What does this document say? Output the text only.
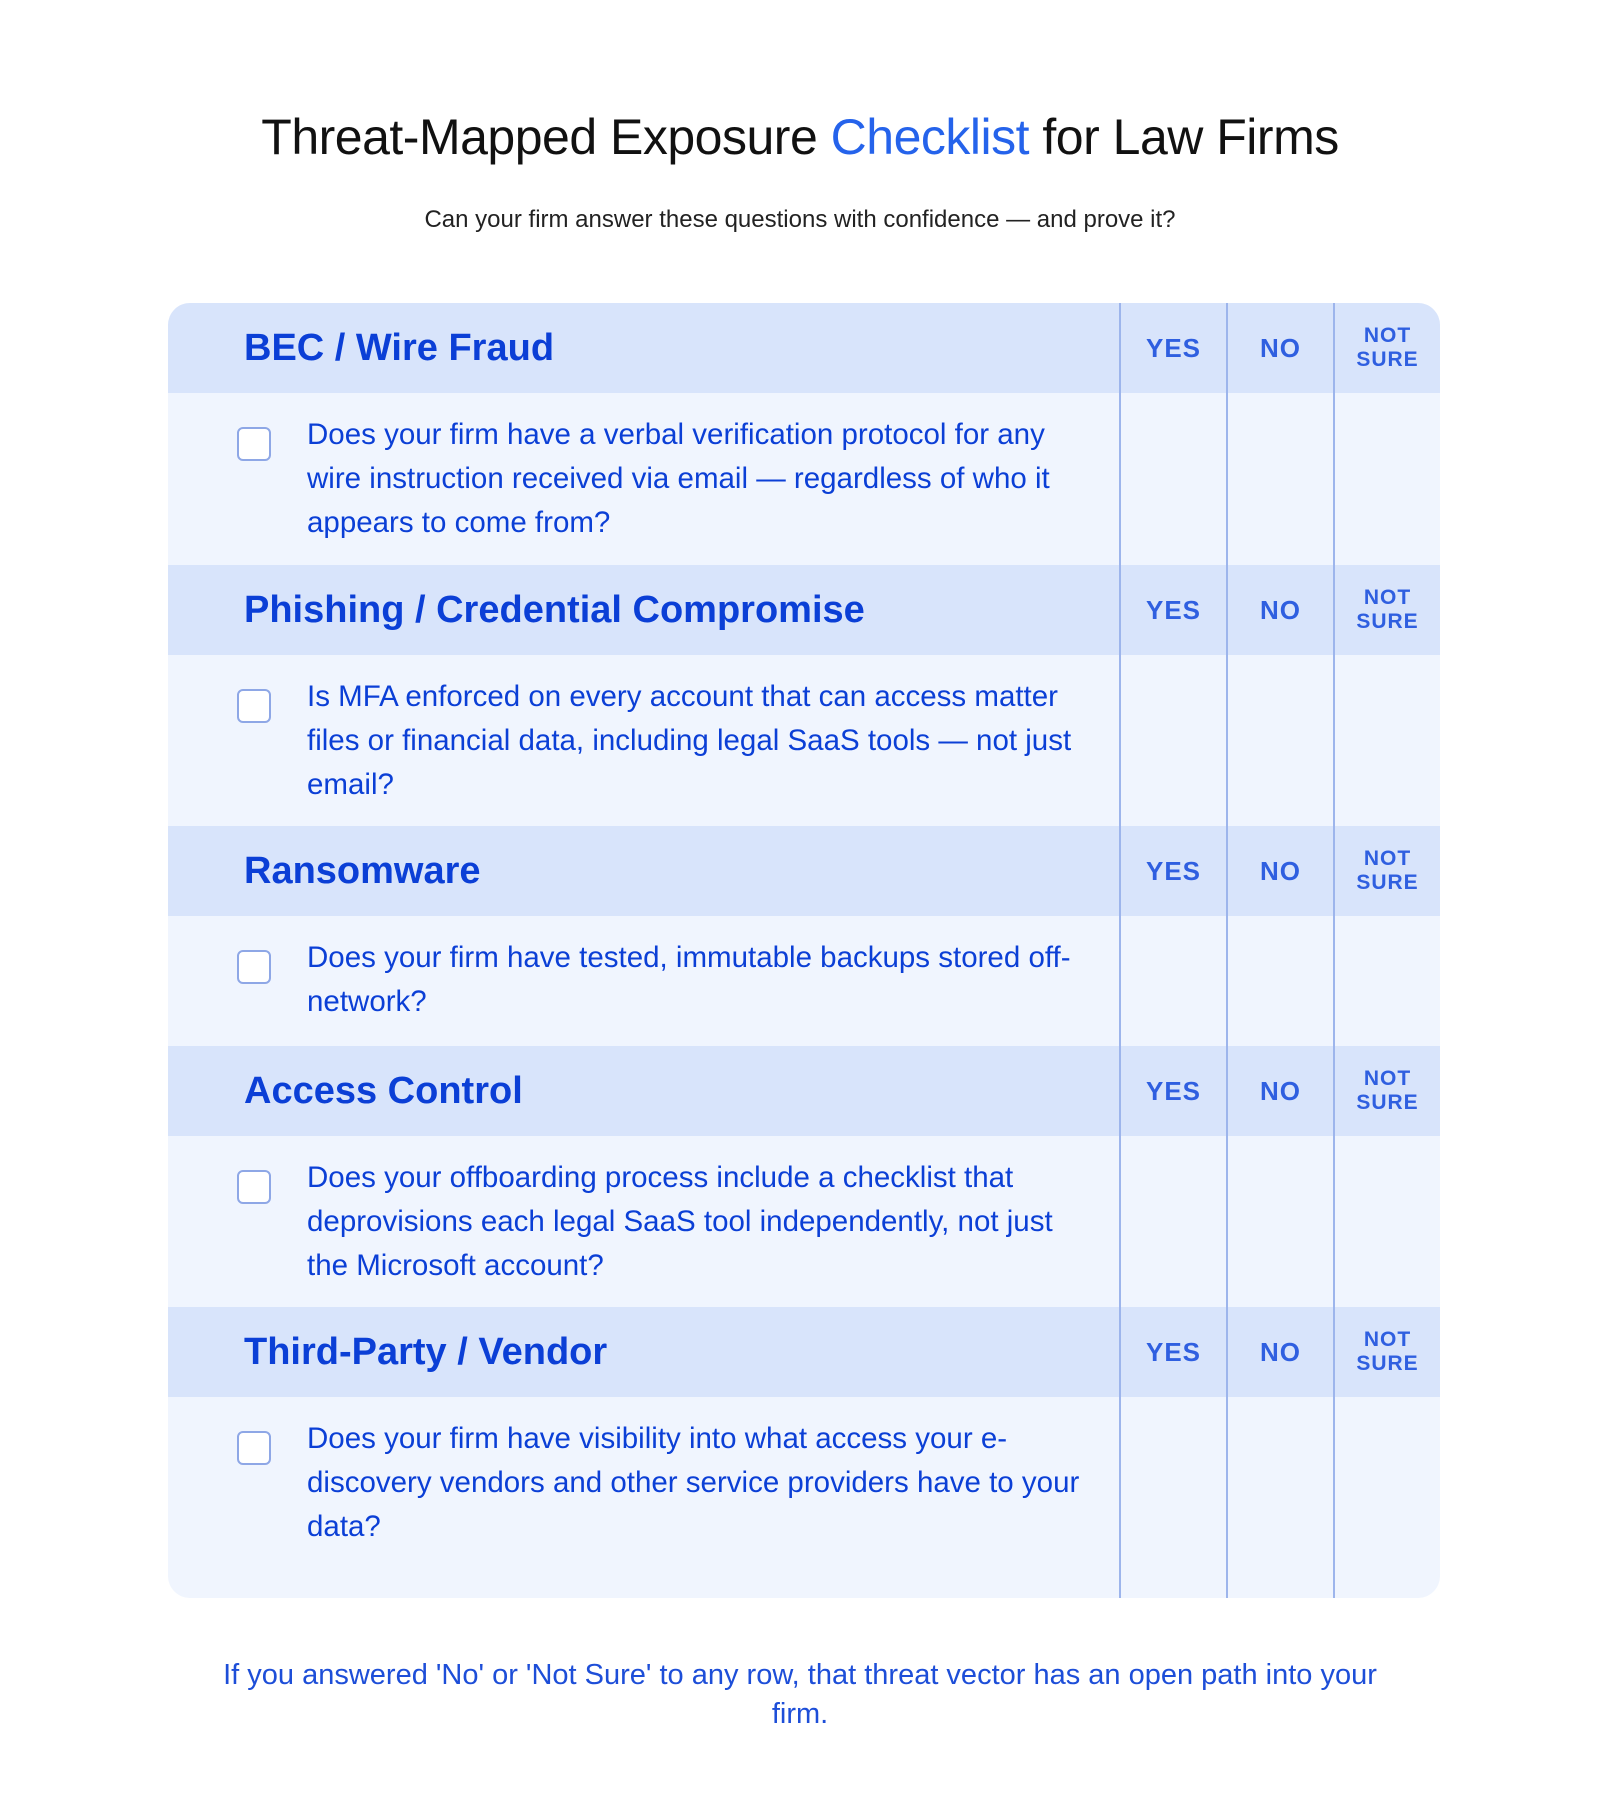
Threat-Mapped Exposure Checklist for Law Firms

Can your firm answer these questions with confidence — and prove it?

BEC / Wire Fraud	YES	NO	NOT
SURE
Does your firm have a verbal verification protocol for any wire instruction received via email — regardless of who it appears to come from?
Phishing / Credential Compromise	YES	NO	NOT
SURE
Is MFA enforced on every account that can access matter files or financial data, including legal SaaS tools — not just email?
Ransomware	YES	NO	NOT
SURE
Does your firm have tested, immutable backups stored off-network?
Access Control	YES	NO	NOT
SURE
Does your offboarding process include a checklist that deprovisions each legal SaaS tool independently, not just the Microsoft account?
Third-Party / Vendor	YES	NO	NOT
SURE
Does your firm have visibility into what access your e-discovery vendors and other service providers have to your data?

If you answered 'No' or 'Not Sure' to any row, that threat vector has an open path into your firm.
